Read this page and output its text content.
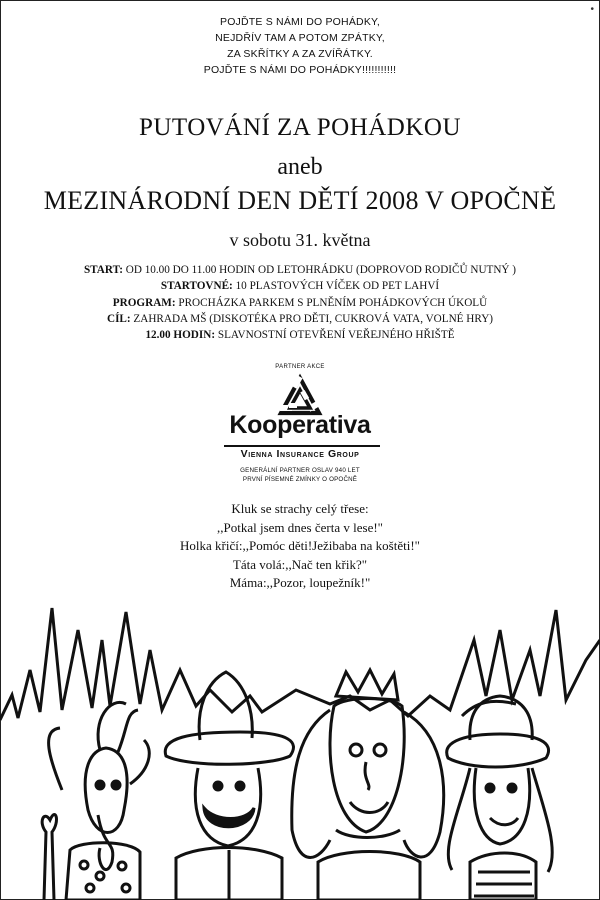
•
POJĎTE S NÁMI DO POHÁDKY,
NEJDŘÍV TAM A POTOM ZPÁTKY,
ZA SKŘÍTKY A ZA ZVÍŘÁTKY.
POJĎTE S NÁMI DO POHÁDKY!!!!!!!!!!!
PUTOVÁNÍ ZA POHÁDKOU
aneb
MEZINÁRODNÍ DEN DĚTÍ 2008 V OPOČNĚ
v sobotu 31. května
START: OD 10.00 DO 11.00 HODIN OD LETOHRÁDKU (DOPROVOD RODIČŮ NUTNÝ )
STARTOVNÉ: 10 PLASTOVÝCH VÍČEK OD PET LAHVÍ
PROGRAM: PROCHÁZKA PARKEM S PLNĚNÍM POHÁDKOVÝCH ÚKOLŮ
CÍL: ZAHRADA MŠ (DISKOTÉKA PRO DĚTI, CUKROVÁ VATA, VOLNÉ HRY)
12.00 HODIN: SLAVNOSTNÍ OTEVŘENÍ VEŘEJNÉHO HŘIŠTĚ
PARTNER AKCE
Kooperativa
Vienna Insurance Group
GENERÁLNÍ PARTNER OSLAV 940 LET
PRVNÍ PÍSEMNÉ ZMÍNKY O OPOČNĚ
Kluk se strachy celý třese:
,,Potkal jsem dnes čerta v lese!"
Holka křičí:,,Pomóc děti!Ježibaba na koštěti!"
Táta volá:,,Nač ten křik?"
Máma:,,Pozor, loupežník!"
